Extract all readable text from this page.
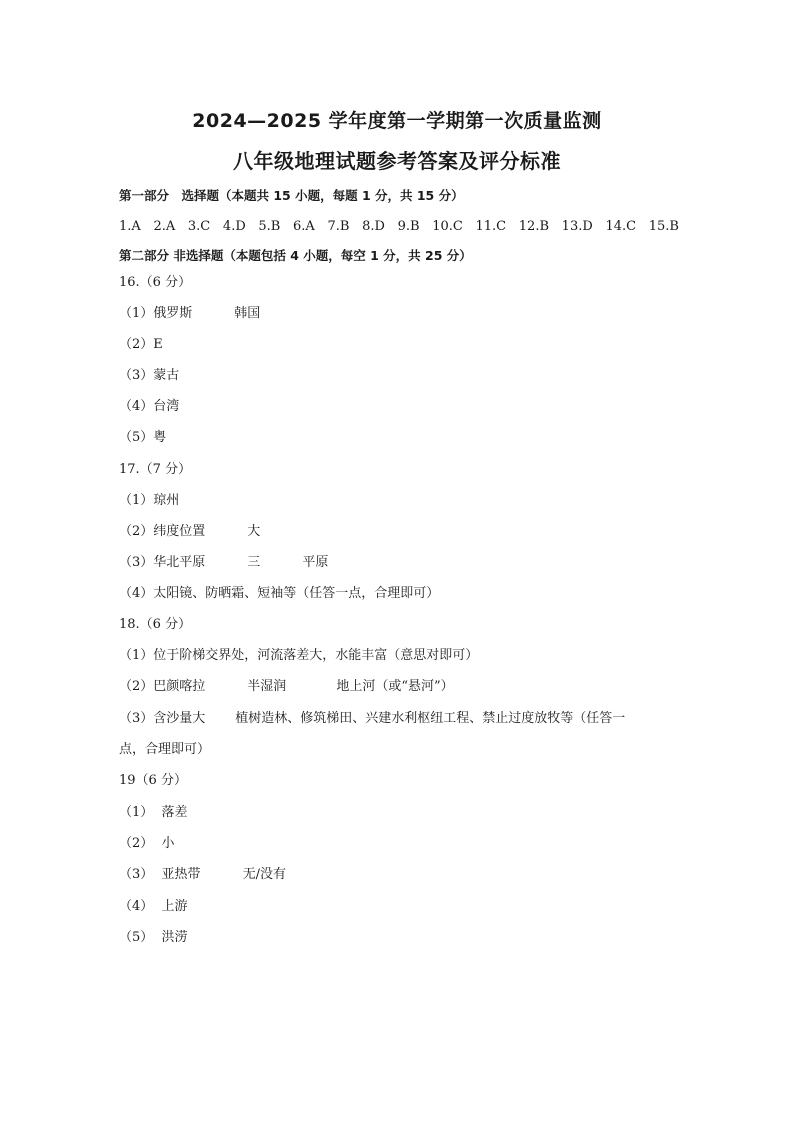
2024—2025 学年度第一学期第一次质量监测
八年级地理试题参考答案及评分标准
第一部分　选择题（本题共 15 小题，每题 1 分，共 15 分）
1.A 2.A 3.C 4.D 5.B 6.A 7.B 8.D 9.B 10.C 11.C 12.B 13.D 14.C 15.B
第二部分 非选择题（本题包括 4 小题，每空 1 分，共 25 分）
16.（6 分）
（1）俄罗斯	韩国
（2）E
（3）蒙古
（4）台湾
（5）粤
17.（7 分）
（1）琼州
（2）纬度位置	大
（3）华北平原	三	平原
（4）太阳镜、防晒霜、短袖等（任答一点，合理即可）
18.（6 分）
（1）位于阶梯交界处，河流落差大，水能丰富（意思对即可）
（2）巴颜喀拉	半湿润	地上河（或“悬河”）
（3）含沙量大 植树造林、修筑梯田、兴建水利枢纽工程、禁止过度放牧等（任答一
点，合理即可）
19（6 分）
（1） 落差
（2） 小
（3） 亚热带	无/没有
（4） 上游
（5） 洪涝
